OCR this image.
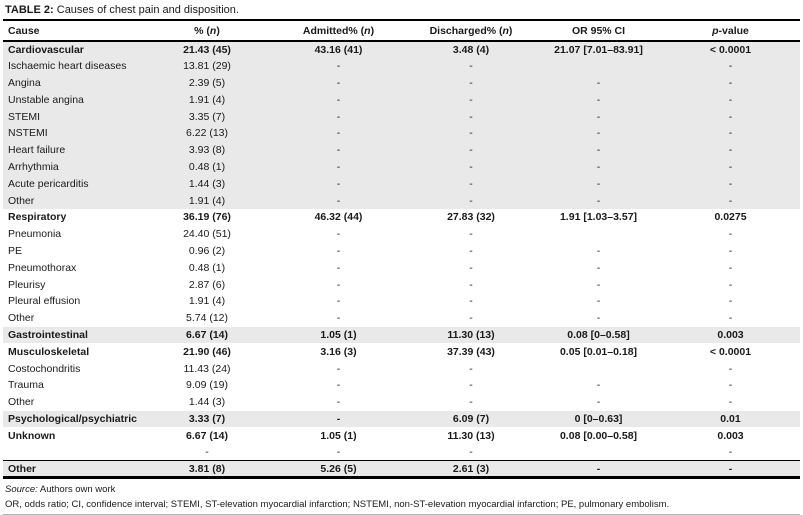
TABLE 2: Causes of chest pain and disposition.
Cause	% (n)	Admitted% (n)	Discharged% (n)	OR 95% CI	p-value
Cardiovascular	21.43 (45)	43.16 (41)	3.48 (4)	21.07 [7.01–83.91]	< 0.0001
Ischaemic heart diseases	13.81 (29)	-	-		-
Angina	2.39 (5)	-	-	-	-
Unstable angina	1.91 (4)	-	-	-	-
STEMI	3.35 (7)	-	-	-	-
NSTEMI	6.22 (13)	-	-	-	-
Heart failure	3.93 (8)	-	-	-	-
Arrhythmia	0.48 (1)	-	-	-	-
Acute pericarditis	1.44 (3)	-	-	-	-
Other	1.91 (4)	-	-	-	-
Respiratory	36.19 (76)	46.32 (44)	27.83 (32)	1.91 [1.03–3.57]	0.0275
Pneumonia	24.40 (51)	-	-		-
PE	0.96 (2)	-	-	-	-
Pneumothorax	0.48 (1)	-	-	-	-
Pleurisy	2.87 (6)	-	-	-	-
Pleural effusion	1.91 (4)	-	-	-	-
Other	5.74 (12)	-	-	-	-
Gastrointestinal	6.67 (14)	1.05 (1)	11.30 (13)	0.08 [0–0.58]	0.003
Musculoskeletal	21.90 (46)	3.16 (3)	37.39 (43)	0.05 [0.01–0.18]	< 0.0001
Costochondritis	11.43 (24)	-	-		-
Trauma	9.09 (19)	-	-	-	-
Other	1.44 (3)	-	-	-	-
Psychological/psychiatric	3.33 (7)	-	6.09 (7)	0 [0–0.63]	0.01
Unknown	6.67 (14)	1.05 (1)	11.30 (13)	0.08 [0.00–0.58]	0.003
	-	-	-		-
Other	3.81 (8)	5.26 (5)	2.61 (3)	-	-
Source: Authors own work
OR, odds ratio; CI, confidence interval; STEMI, ST-elevation myocardial infarction; NSTEMI, non-ST-elevation myocardial infarction; PE, pulmonary embolism.
